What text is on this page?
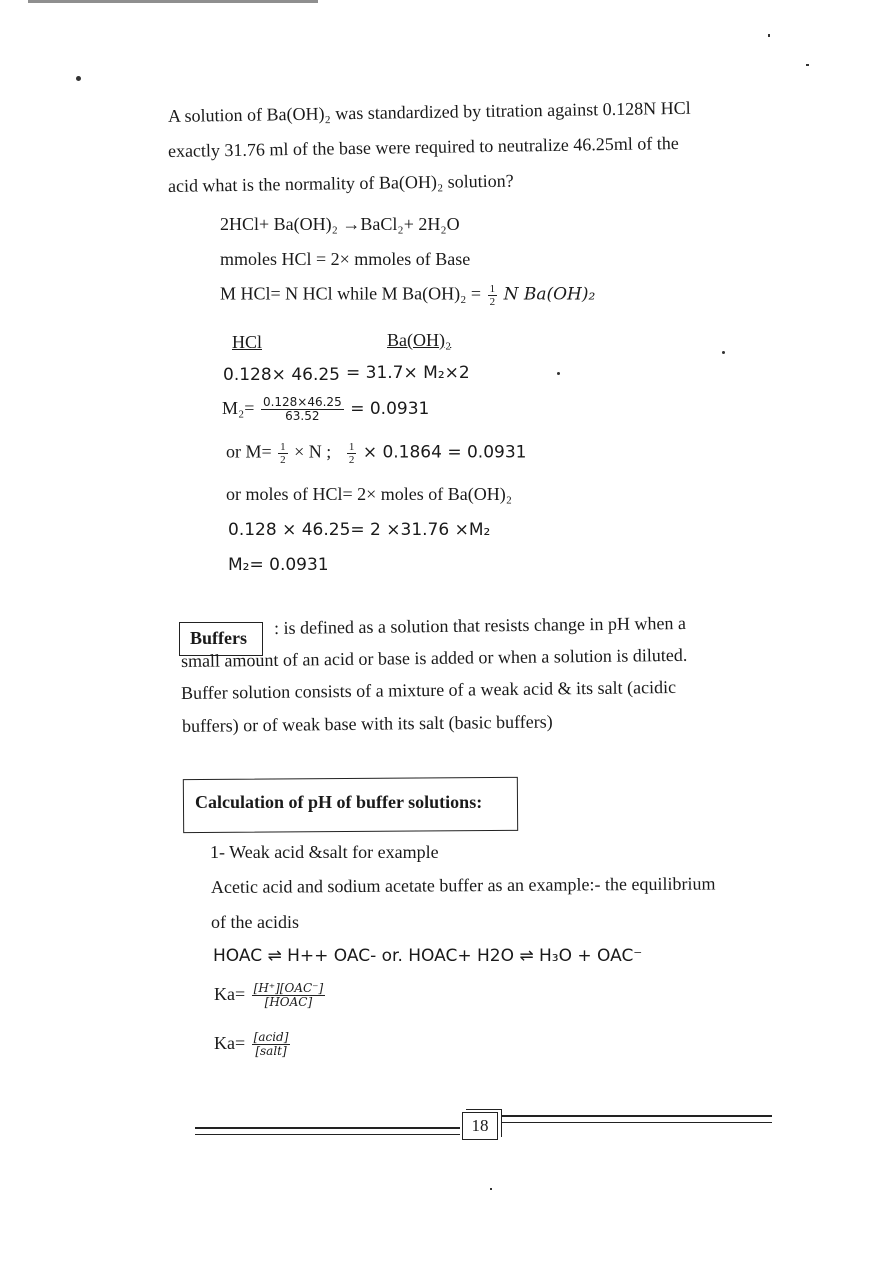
A solution of Ba(OH)₂ was standardized by titration against 0.128N HCl
exactly 31.76 ml of the base were required to neutralize 46.25ml of the
acid what is the normality of Ba(OH)₂ solution?
2HCl+ Ba(OH)₂ →BaCl₂+ 2H₂O
mmoles HCl = 2× mmoles of Base
M HCl= N HCl while M $Ba(OH)_2 = \frac{1}{2}$ N Ba(OH)₂
HCl	Ba(OH)₂
0.128× 46.25 = 31.7× M₂×2
$M_2= \frac{0.128\times 46.25}{63.52} = 0.0931$
or $M= \frac{1}{2} \times N$ ; $\frac{1}{2} \times 0.1864 = 0.0931$
or moles of HCl= 2× moles of Ba(OH)₂
0.128 × 46.25= 2 ×31.76 ×M₂
M₂= 0.0931
Buffers
: is defined as a solution that resists change in pH when a
small amount of an acid or base is added or when a solution is diluted.
Buffer solution consists of a mixture of a weak acid & its salt (acidic
buffers) or of weak base with its salt (basic buffers)
Calculation of pH of buffer solutions:
1- Weak acid &salt for example
Acetic acid and sodium acetate buffer as an example:- the equilibrium
of the acidis
HOAC ⇌ H++ OAC- or. HOAC+ H2O ⇌ H₃O + OAC⁻
$Ka= \frac{\text{[H⁺][OAC⁻]}}{\text{[HOAC]}}$
$Ka= \frac{\text{[acid]}}{\text{[salt]}}$
18
